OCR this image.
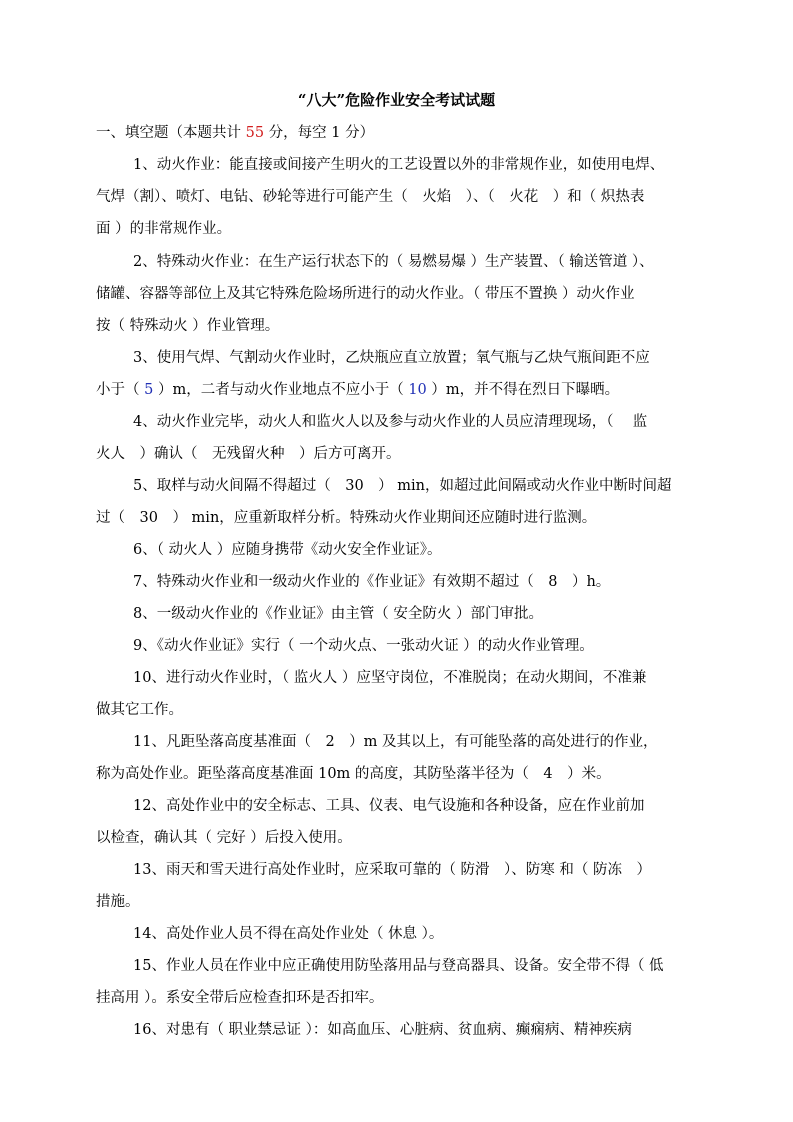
“八大”危险作业安全考试试题
一、填空题（本题共计 55 分，每空 1 分）
1、动火作业：能直接或间接产生明火的工艺设置以外的非常规作业，如使用电焊、
气焊（割）、喷灯、电钻、砂轮等进行可能产生（　火焰　）、（　火花　）和（ 炽热表
面 ）的非常规作业。
2、特殊动火作业：在生产运行状态下的（ 易燃易爆 ）生产装置、（ 输送管道 ）、
储罐、容器等部位上及其它特殊危险场所进行的动火作业。（ 带压不置换 ）动火作业
按（ 特殊动火 ）作业管理。
3、使用气焊、气割动火作业时，乙炔瓶应直立放置；氧气瓶与乙炔气瓶间距不应
小于（ 5 ）m，二者与动火作业地点不应小于（ 10 ）m，并不得在烈日下曝晒。
4、动火作业完毕，动火人和监火人以及参与动火作业的人员应清理现场，（　 监
火人　）确认（　无残留火种　）后方可离开。
5、取样与动火间隔不得超过（　30　） min，如超过此间隔或动火作业中断时间超
过（　30　） min，应重新取样分析。特殊动火作业期间还应随时进行监测。
6、（ 动火人 ）应随身携带《动火安全作业证》。
7、特殊动火作业和一级动火作业的《作业证》有效期不超过（　8　）h。
8、一级动火作业的《作业证》由主管（ 安全防火 ）部门审批。
9、《动火作业证》实行（ 一个动火点、一张动火证 ）的动火作业管理。
10、进行动火作业时，（ 监火人 ）应坚守岗位，不准脱岗；在动火期间，不准兼
做其它工作。
11、凡距坠落高度基准面（　2　）m 及其以上，有可能坠落的高处进行的作业，
称为高处作业。距坠落高度基准面 10m 的高度，其防坠落半径为（　4　）米。
12、高处作业中的安全标志、工具、仪表、电气设施和各种设备，应在作业前加
以检查，确认其（ 完好 ）后投入使用。
13、雨天和雪天进行高处作业时，应采取可靠的（ 防滑　）、防寒 和（ 防冻　）
措施。
14、高处作业人员不得在高处作业处（ 休息 ）。
15、作业人员在作业中应正确使用防坠落用品与登高器具、设备。安全带不得（ 低
挂高用 ）。系安全带后应检查扣环是否扣牢。
16、对患有（ 职业禁忌证 ）：如高血压、心脏病、贫血病、癫痫病、精神疾病
